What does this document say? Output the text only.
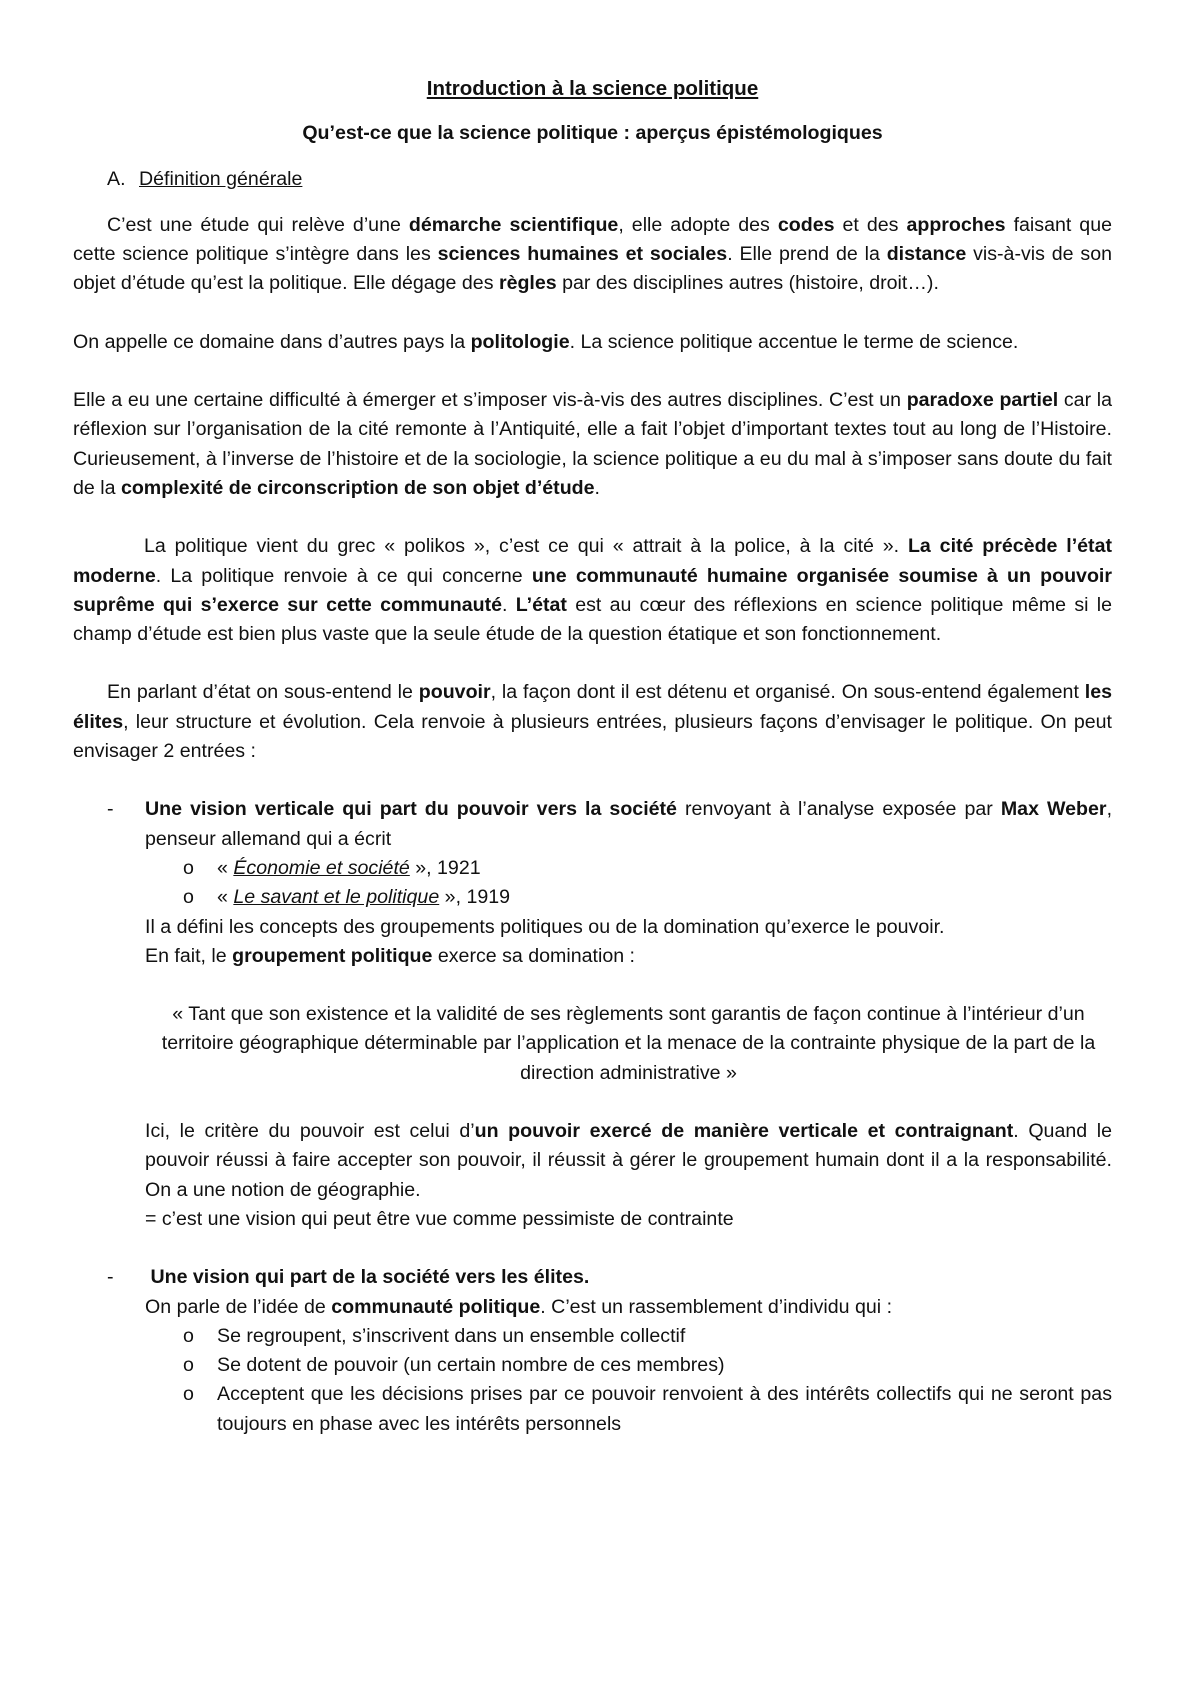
Introduction à la science politique
Qu’est-ce que la science politique : aperçus épistémologiques
A. Définition générale

C’est une étude qui relève d’une démarche scientifique, elle adopte des codes et des approches faisant que cette science politique s’intègre dans les sciences humaines et sociales. Elle prend de la distance vis-à-vis de son objet d’étude qu’est la politique. Elle dégage des règles par des disciplines autres (histoire, droit…).

On appelle ce domaine dans d’autres pays la politologie. La science politique accentue le terme de science.

Elle a eu une certaine difficulté à émerger et s’imposer vis-à-vis des autres disciplines. C’est un paradoxe partiel car la réflexion sur l’organisation de la cité remonte à l’Antiquité, elle a fait l’objet d’important textes tout au long de l’Histoire. Curieusement, à l’inverse de l’histoire et de la sociologie, la science politique a eu du mal à s’imposer sans doute du fait de la complexité de circonscription de son objet d’étude.

La politique vient du grec « polikos », c’est ce qui « attrait à la police, à la cité ». La cité précède l’état moderne. La politique renvoie à ce qui concerne une communauté humaine organisée soumise à un pouvoir suprême qui s’exerce sur cette communauté. L’état est au cœur des réflexions en science politique même si le champ d’étude est bien plus vaste que la seule étude de la question étatique et son fonctionnement.

En parlant d’état on sous-entend le pouvoir, la façon dont il est détenu et organisé. On sous-entend également les élites, leur structure et évolution. Cela renvoie à plusieurs entrées, plusieurs façons d’envisager le politique. On peut envisager 2 entrées :

- Une vision verticale qui part du pouvoir vers la société renvoyant à l’analyse exposée par Max Weber, penseur allemand qui a écrit
o « Économie et société », 1921
o « Le savant et le politique », 1919
Il a défini les concepts des groupements politiques ou de la domination qu’exerce le pouvoir.
En fait, le groupement politique exerce sa domination :
« Tant que son existence et la validité de ses règlements sont garantis de façon continue à l’intérieur d’un territoire géographique déterminable par l’application et la menace de la contrainte physique de la part de la direction administrative »
Ici, le critère du pouvoir est celui d’un pouvoir exercé de manière verticale et contraignant. Quand le pouvoir réussi à faire accepter son pouvoir, il réussit à gérer le groupement humain dont il a la responsabilité. On a une notion de géographie.
= c’est une vision qui peut être vue comme pessimiste de contrainte
- Une vision qui part de la société vers les élites.
On parle de l’idée de communauté politique. C’est un rassemblement d’individu qui :
o Se regroupent, s’inscrivent dans un ensemble collectif
o Se dotent de pouvoir (un certain nombre de ces membres)
o Acceptent que les décisions prises par ce pouvoir renvoient à des intérêts collectifs qui ne seront pas toujours en phase avec les intérêts personnels
